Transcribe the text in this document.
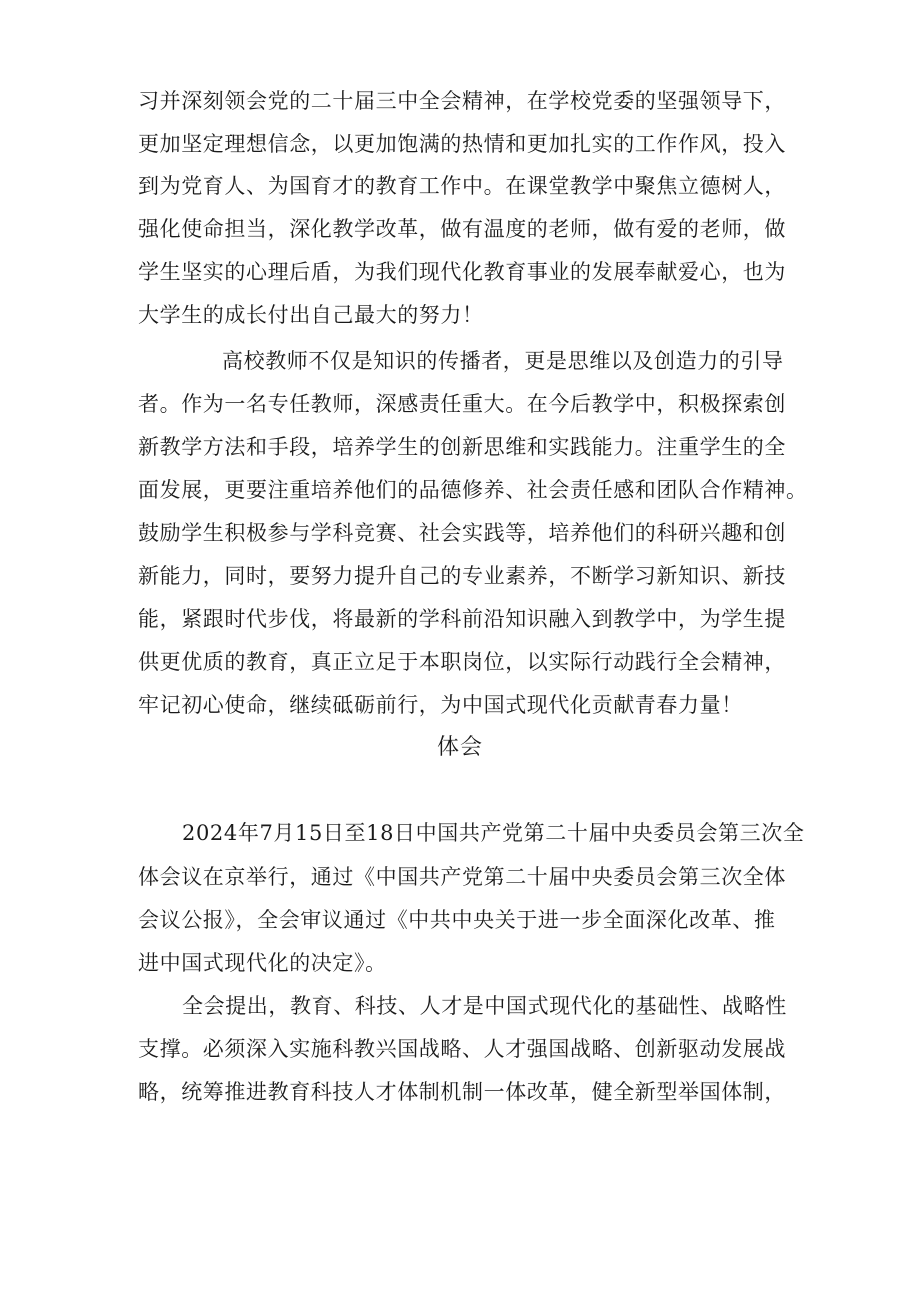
习并深刻领会党的二十届三中全会精神，在学校党委的坚强领导下，
更加坚定理想信念，以更加饱满的热情和更加扎实的工作作风，投入
到为党育人、为国育才的教育工作中。在课堂教学中聚焦立德树人，
强化使命担当，深化教学改革，做有温度的老师，做有爱的老师，做
学生坚实的心理后盾，为我们现代化教育事业的发展奉献爱心，也为
大学生的成长付出自己最大的努力！
高校教师不仅是知识的传播者，更是思维以及创造力的引导
者。作为一名专任教师，深感责任重大。在今后教学中，积极探索创
新教学方法和手段，培养学生的创新思维和实践能力。注重学生的全
面发展，更要注重培养他们的品德修养、社会责任感和团队合作精神。
鼓励学生积极参与学科竞赛、社会实践等，培养他们的科研兴趣和创
新能力，同时，要努力提升自己的专业素养，不断学习新知识、新技
能，紧跟时代步伐，将最新的学科前沿知识融入到教学中，为学生提
供更优质的教育，真正立足于本职岗位，以实际行动践行全会精神，
牢记初心使命，继续砥砺前行，为中国式现代化贡献青春力量！
体会
2024年7月15日至18日中国共产党第二十届中央委员会第三次全
体会议在京举行，通过《中国共产党第二十届中央委员会第三次全体
会议公报》，全会审议通过《中共中央关于进一步全面深化改革、推
进中国式现代化的决定》。
全会提出，教育、科技、人才是中国式现代化的基础性、战略性
支撑。必须深入实施科教兴国战略、人才强国战略、创新驱动发展战
略，统筹推进教育科技人才体制机制一体改革，健全新型举国体制，
